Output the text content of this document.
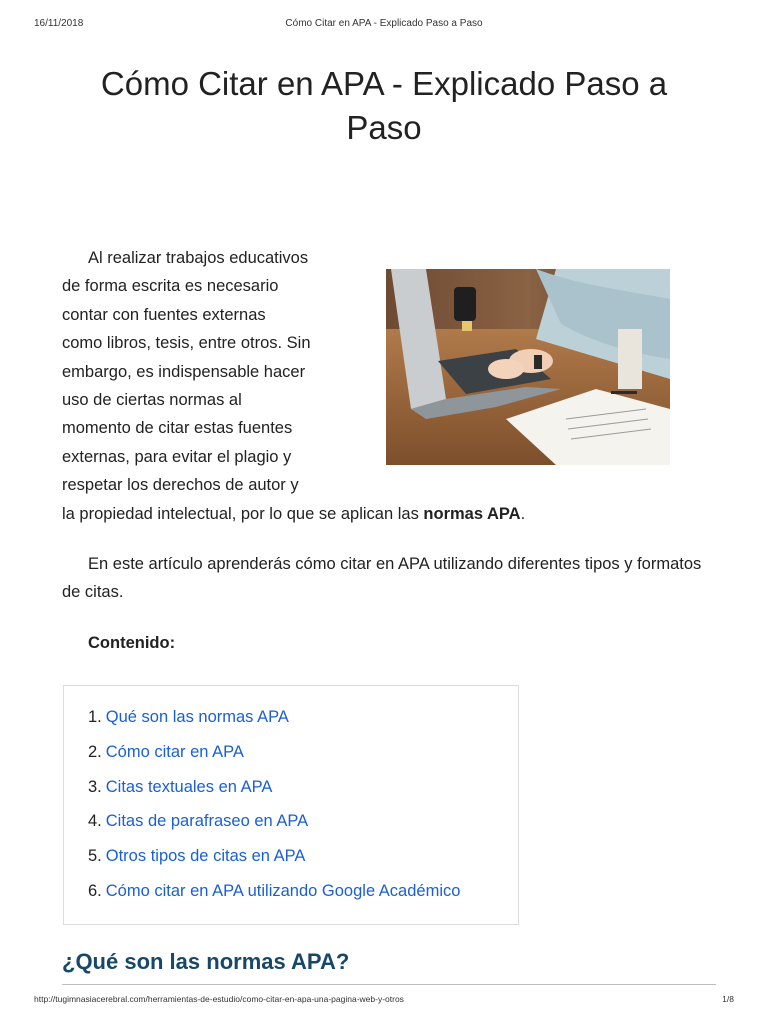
16/11/2018	Cómo Citar en APA - Explicado Paso a Paso
Cómo Citar en APA - Explicado Paso a Paso
Al realizar trabajos educativos
de forma escrita es necesario
contar con fuentes externas
como libros, tesis, entre otros. Sin
embargo, es indispensable hacer
uso de ciertas normas al
momento de citar estas fuentes
externas, para evitar el plagio y
respetar los derechos de autor y
la propiedad intelectual, por lo que se aplican las normas APA.
En este artículo aprenderás cómo citar en APA utilizando diferentes tipos y formatos de citas.
Contenido:
1. Qué son las normas APA
2. Cómo citar en APA
3. Citas textuales en APA
4. Citas de parafraseo en APA
5. Otros tipos de citas en APA
6. Cómo citar en APA utilizando Google Académico
¿Qué son las normas APA?
http://tugimnasiacerebral.com/herramientas-de-estudio/como-citar-en-apa-una-pagina-web-y-otros	1/8
